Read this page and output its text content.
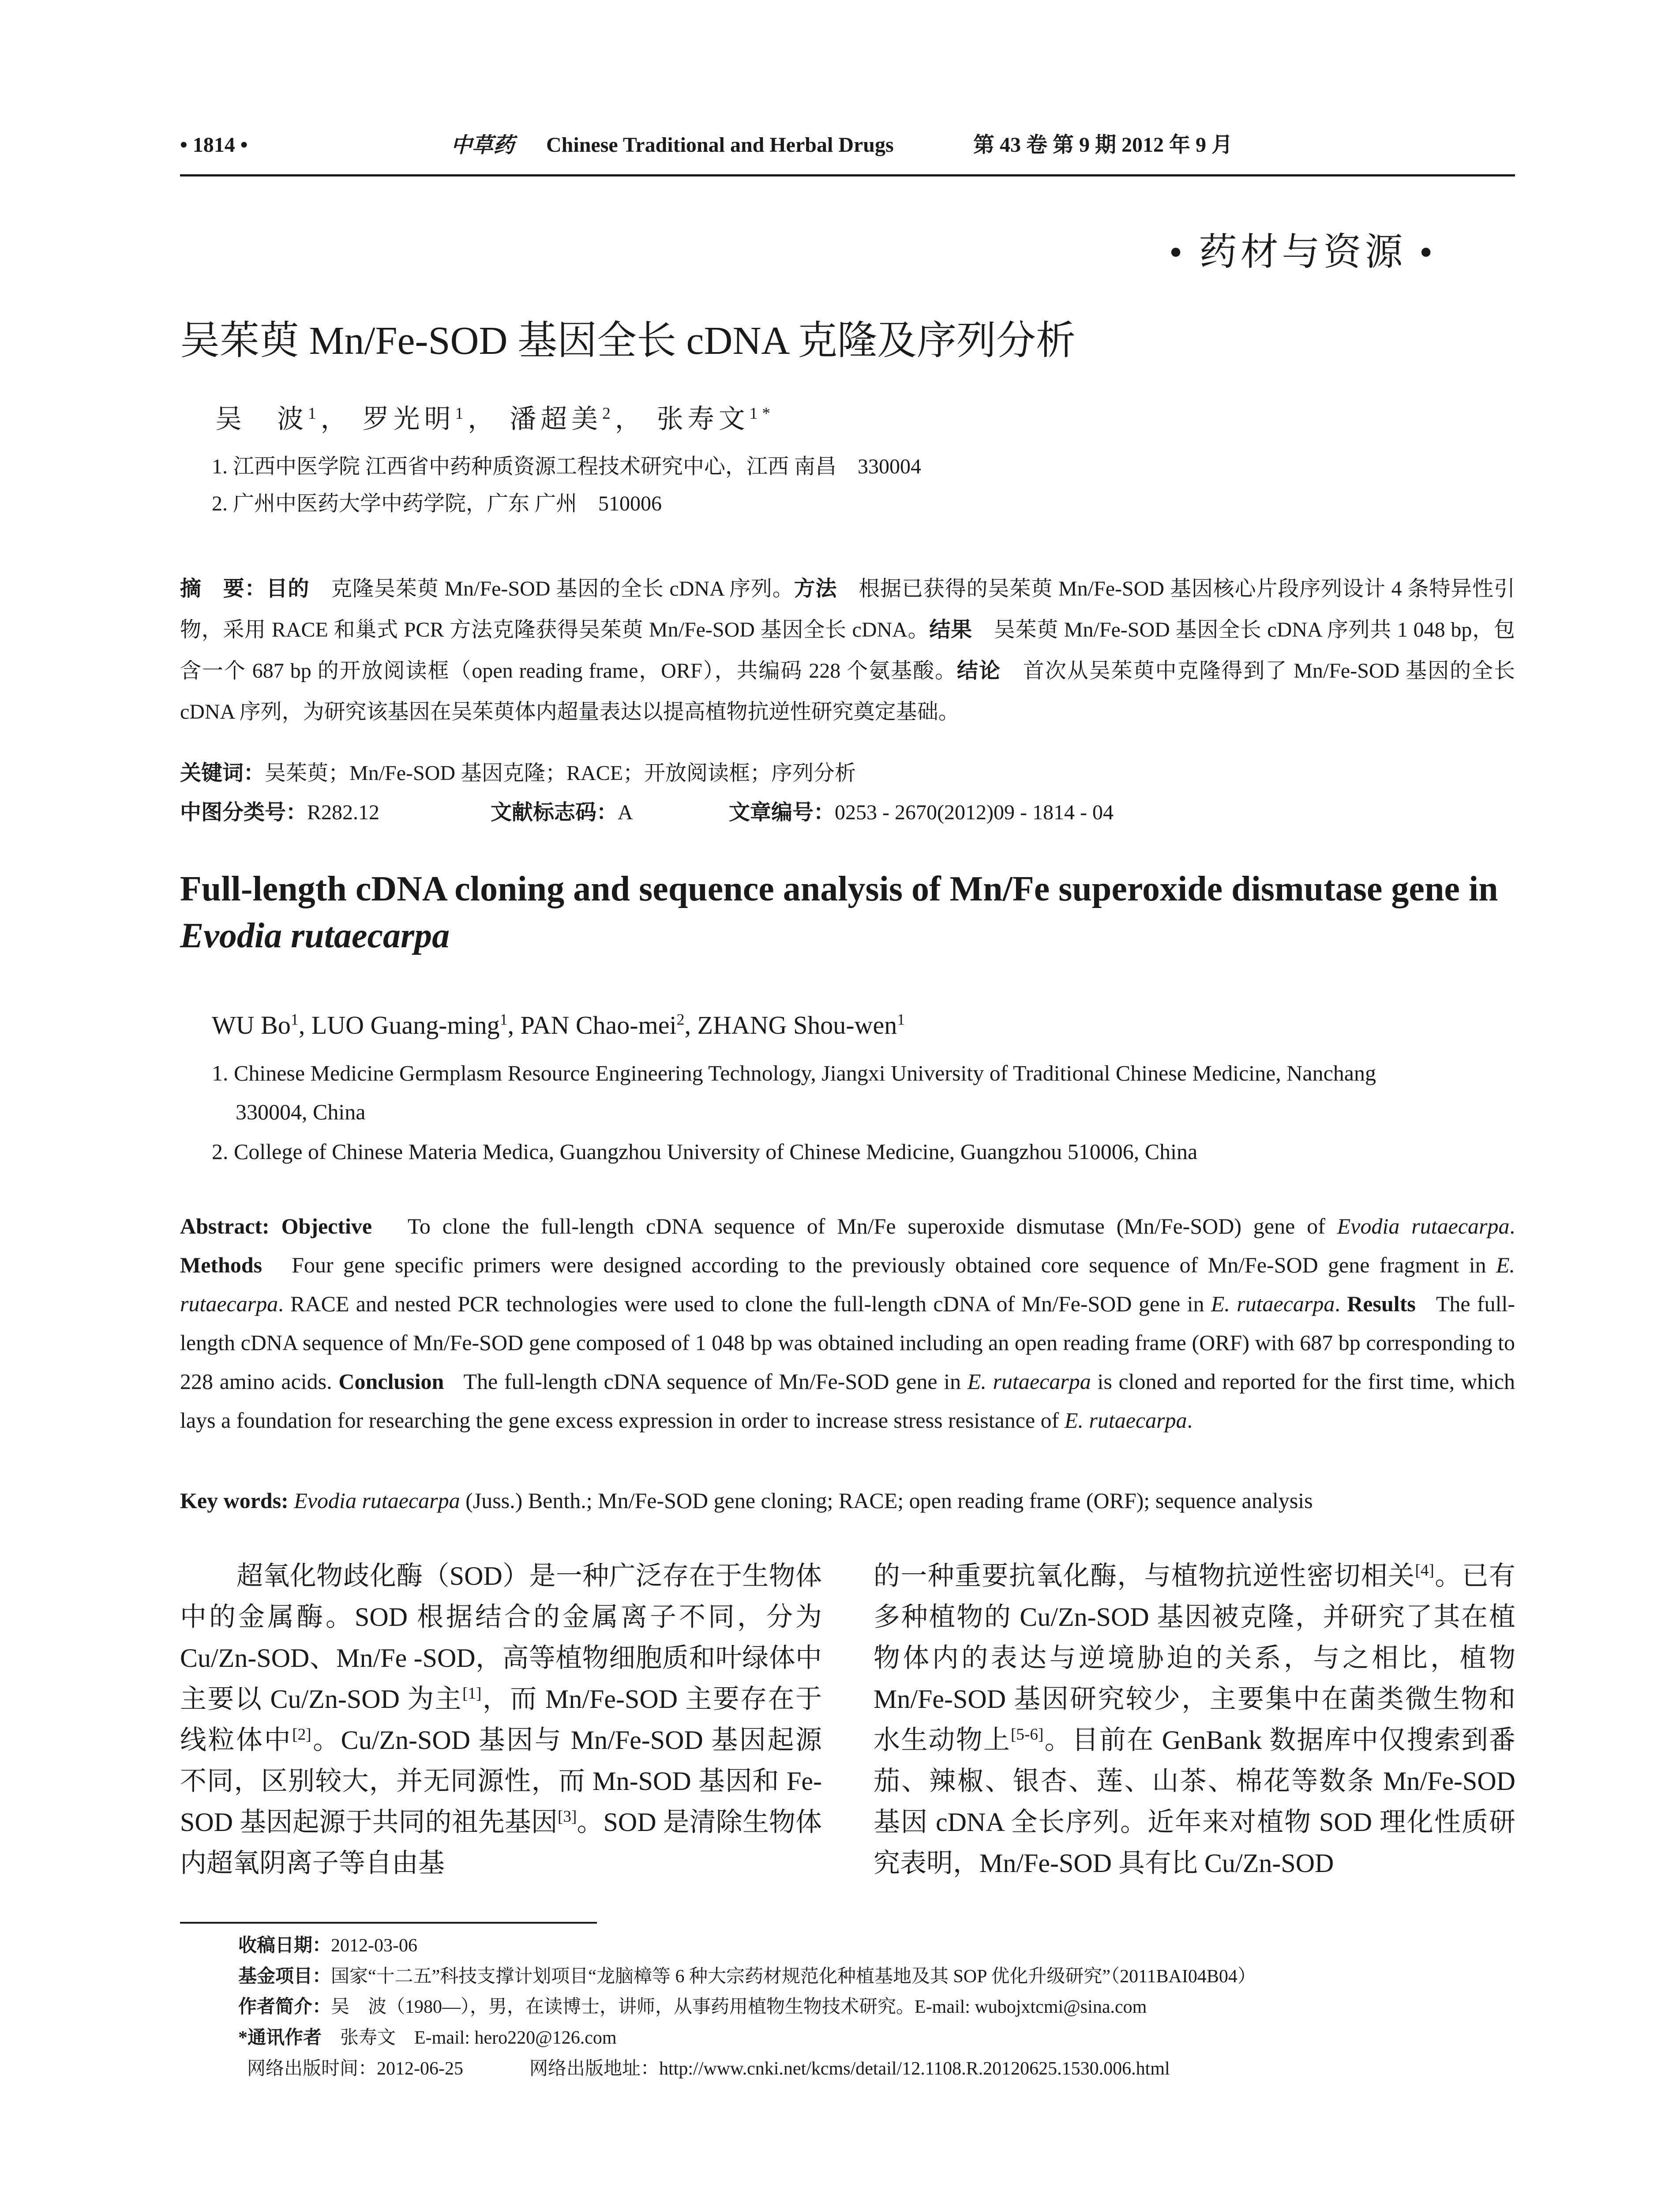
• 1814 •	中草药 Chinese Traditional and Herbal Drugs	第 43 卷 第 9 期 2012 年 9 月
• 药材与资源 •
吴茱萸 Mn/Fe-SOD 基因全长 cDNA 克隆及序列分析
吴　波$^1$， 罗光明$^1$， 潘超美$^2$， 张寿文$^{1*}$
1. 江西中医学院 江西省中药种质资源工程技术研究中心，江西 南昌　330004
2. 广州中医药大学中药学院，广东 广州　510006
摘　要：目的　克隆吴茱萸 Mn/Fe-SOD 基因的全长 cDNA 序列。方法　根据已获得的吴茱萸 Mn/Fe-SOD 基因核心片段序列设计 4 条特异性引物，采用 RACE 和巢式 PCR 方法克隆获得吴茱萸 Mn/Fe-SOD 基因全长 cDNA。结果　吴茱萸 Mn/Fe-SOD 基因全长 cDNA 序列共 1 048 bp，包含一个 687 bp 的开放阅读框（open reading frame，ORF），共编码 228 个氨基酸。结论　首次从吴茱萸中克隆得到了 Mn/Fe-SOD 基因的全长 cDNA 序列，为研究该基因在吴茱萸体内超量表达以提高植物抗逆性研究奠定基础。
关键词：吴茱萸；Mn/Fe-SOD 基因克隆；RACE；开放阅读框；序列分析
中图分类号：R282.12	文献标志码：A	文章编号：0253 - 2670(2012)09 - 1814 - 04
Full-length cDNA cloning and sequence analysis of Mn/Fe superoxide dismutase gene in Evodia rutaecarpa
WU Bo$^1$, LUO Guang-ming$^1$, PAN Chao-mei$^2$, ZHANG Shou-wen$^1$
1. Chinese Medicine Germplasm Resource Engineering Technology, Jiangxi University of Traditional Chinese Medicine, Nanchang
330004, China
2. College of Chinese Materia Medica, Guangzhou University of Chinese Medicine, Guangzhou 510006, China
Abstract: Objective To clone the full-length cDNA sequence of Mn/Fe superoxide dismutase (Mn/Fe-SOD) gene of Evodia rutaecarpa. Methods Four gene specific primers were designed according to the previously obtained core sequence of Mn/Fe-SOD gene fragment in E. rutaecarpa. RACE and nested PCR technologies were used to clone the full-length cDNA of Mn/Fe-SOD gene in E. rutaecarpa. Results The full-length cDNA sequence of Mn/Fe-SOD gene composed of 1 048 bp was obtained including an open reading frame (ORF) with 687 bp corresponding to 228 amino acids. Conclusion The full-length cDNA sequence of Mn/Fe-SOD gene in E. rutaecarpa is cloned and reported for the first time, which lays a foundation for researching the gene excess expression in order to increase stress resistance of E. rutaecarpa.
Key words: Evodia rutaecarpa (Juss.) Benth.; Mn/Fe-SOD gene cloning; RACE; open reading frame (ORF); sequence analysis
超氧化物歧化酶（SOD）是一种广泛存在于生物体中的金属酶。SOD 根据结合的金属离子不同，分为 Cu/Zn-SOD、Mn/Fe -SOD，高等植物细胞质和叶绿体中主要以 Cu/Zn-SOD 为主[1]，而 Mn/Fe-SOD 主要存在于线粒体中[2]。Cu/Zn-SOD 基因与 Mn/Fe-SOD 基因起源不同，区别较大，并无同源性，而 Mn-SOD 基因和 Fe-SOD 基因起源于共同的祖先基因[3]。SOD 是清除生物体内超氧阴离子等自由基
的一种重要抗氧化酶，与植物抗逆性密切相关[4]。已有多种植物的 Cu/Zn-SOD 基因被克隆，并研究了其在植物体内的表达与逆境胁迫的关系，与之相比，植物 Mn/Fe-SOD 基因研究较少，主要集中在菌类微生物和水生动物上[5-6]。目前在 GenBank 数据库中仅搜索到番茄、辣椒、银杏、莲、山茶、棉花等数条 Mn/Fe-SOD 基因 cDNA 全长序列。近年来对植物 SOD 理化性质研究表明，Mn/Fe-SOD 具有比 Cu/Zn-SOD
收稿日期：2012-03-06
基金项目：国家“十二五”科技支撑计划项目“龙脑樟等 6 种大宗药材规范化种植基地及其 SOP 优化升级研究”（2011BAI04B04）
作者简介：吴　波（1980—），男，在读博士，讲师，从事药用植物生物技术研究。E-mail: wubojxtcmi@sina.com
*通讯作者　张寿文　E-mail: hero220@126.com
网络出版时间：2012-06-25	网络出版地址：http://www.cnki.net/kcms/detail/12.1108.R.20120625.1530.006.html
